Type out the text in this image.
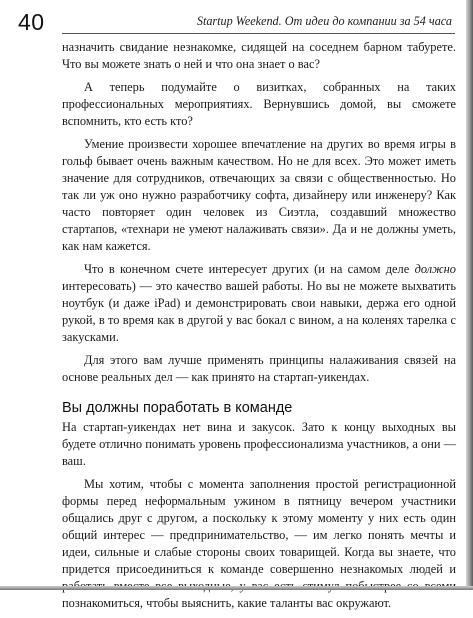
40	Startup Weekend. От идеи до компании за 54 часа

назначить свидание незнакомке, сидящей на соседнем барном табурете. Что вы можете знать о ней и что она знает о вас?

А теперь подумайте о визитках, собранных на таких профессиональных мероприятиях. Вернувшись домой, вы сможете вспомнить, кто есть кто?

Умение произвести хорошее впечатление на других во время игры в гольф бывает очень важным качеством. Но не для всех. Это может иметь значение для сотрудников, отвечающих за связи с общественностью. Но так ли уж оно нужно разработчику софта, дизайнеру или инженеру? Как часто повторяет один человек из Сиэтла, создавший множество стартапов, «технари не умеют налаживать связи». Да и не должны уметь, как нам кажется.

Что в конечном счете интересует других (и на самом деле должно интересовать) — это качество вашей работы. Но вы не можете выхватить ноутбук (и даже iPad) и демонстрировать свои навыки, держа его одной рукой, в то время как в другой у вас бокал с вином, а на коленях тарелка с закусками.

Для этого вам лучше применять принципы налаживания связей на основе реальных дел — как принято на стартап-уикендах.

Вы должны поработать в команде

На стартап-уикендах нет вина и закусок. Зато к концу выходных вы будете отлично понимать уровень профессионализма участников, а они — ваш.

Мы хотим, чтобы с момента заполнения простой регистрационной формы перед неформальным ужином в пятницу вечером участники общались друг с другом, а поскольку к этому моменту у них есть один общий интерес — предпринимательство, — им легко понять мечты и идеи, сильные и слабые стороны своих товарищей. Когда вы знаете, что придется присоединиться к команде совершенно незнакомых людей и познакомиться, чтобы выяснить, какие таланты вас окружают.
